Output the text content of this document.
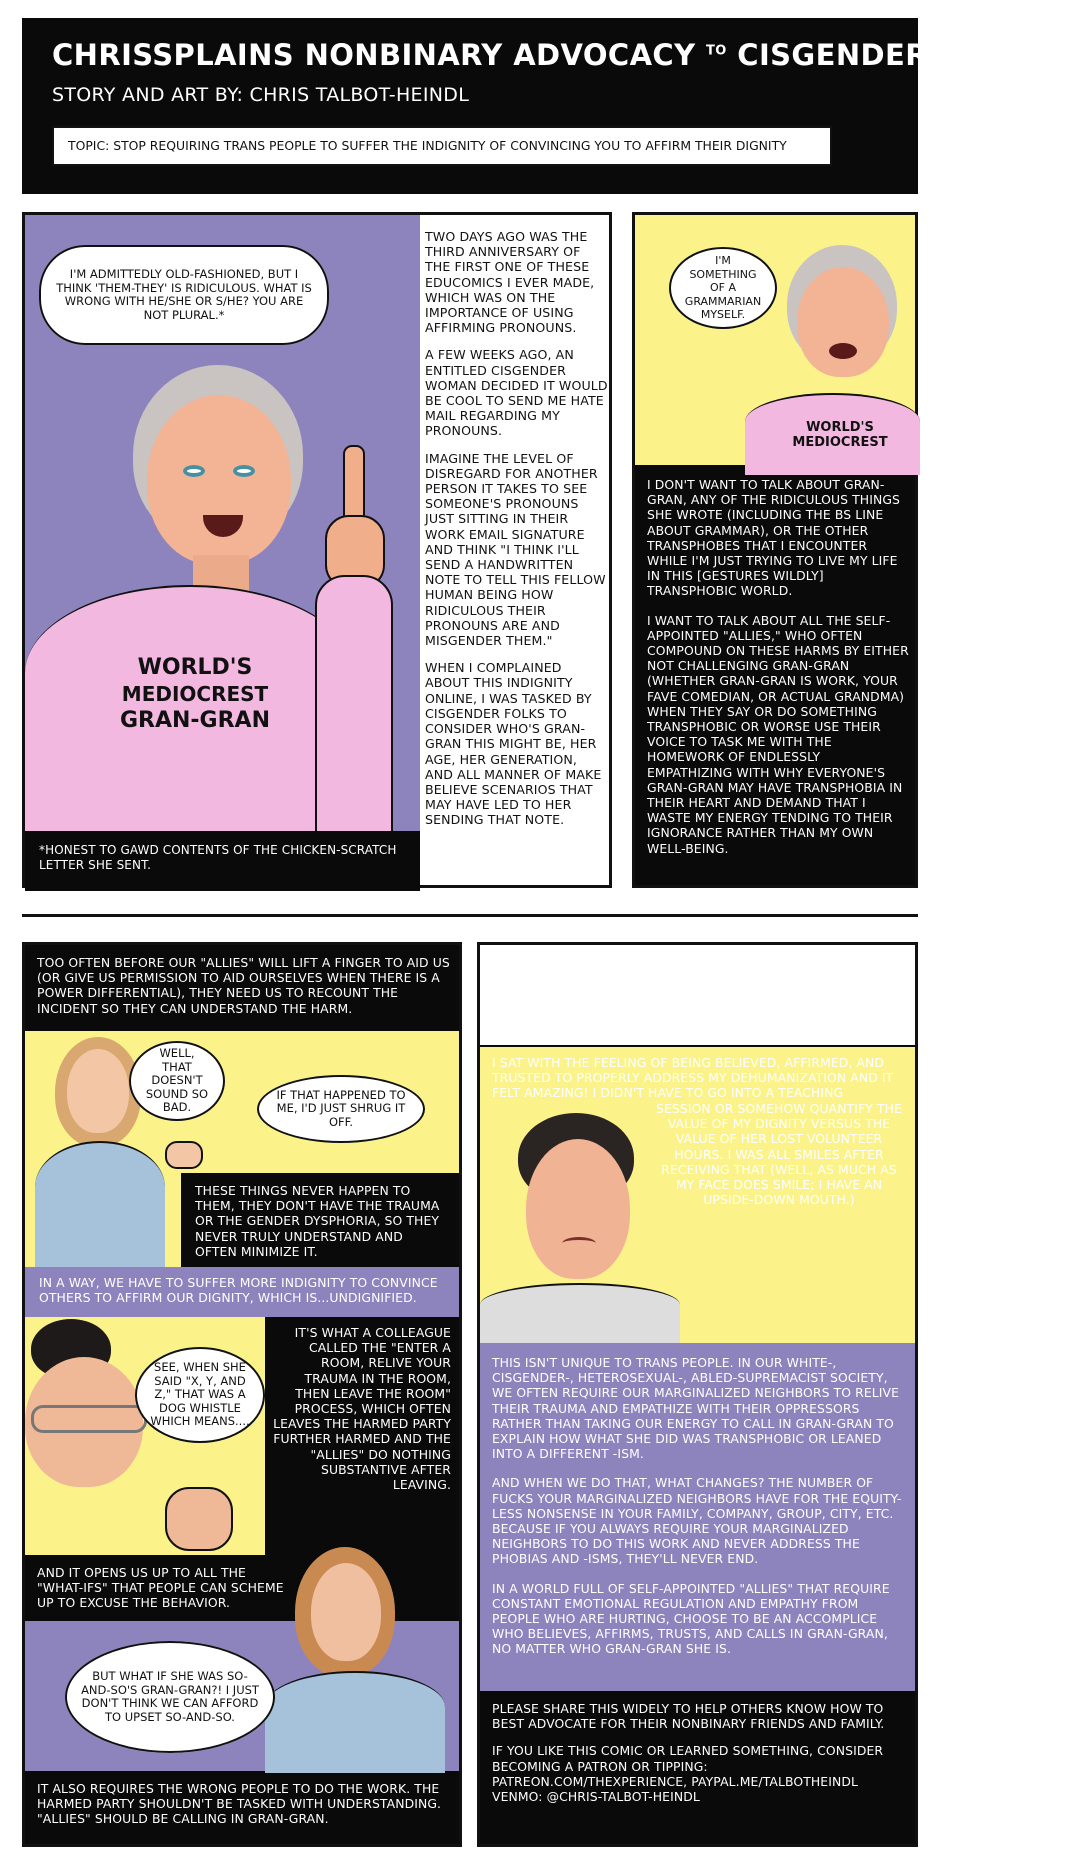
CHRISSPLAINS NONBINARY ADVOCACY $^{TO}$ CISGENDER PEOPLE
STORY AND ART BY: CHRIS TALBOT-HEINDL
TOPIC: STOP REQUIRING TRANS PEOPLE TO SUFFER THE INDIGNITY OF CONVINCING YOU TO AFFIRM THEIR DIGNITY
WORLD'S
MEDIOCREST
GRAN-GRAN
I'M ADMITTEDLY OLD-FASHIONED, BUT I THINK 'THEM-THEY' IS RIDICULOUS. WHAT IS WRONG WITH HE/SHE OR S/HE? YOU ARE NOT PLURAL.*
*HONEST TO GAWD CONTENTS OF THE CHICKEN-SCRATCH LETTER SHE SENT.

TWO DAYS AGO WAS THE THIRD ANNIVERSARY OF THE FIRST ONE OF THESE EDUCOMICS I EVER MADE, WHICH WAS ON THE IMPORTANCE OF USING AFFIRMING PRONOUNS.

A FEW WEEKS AGO, AN ENTITLED CISGENDER WOMAN DECIDED IT WOULD BE COOL TO SEND ME HATE MAIL REGARDING MY PRONOUNS.

IMAGINE THE LEVEL OF DISREGARD FOR ANOTHER PERSON IT TAKES TO SEE SOMEONE'S PRONOUNS JUST SITTING IN THEIR WORK EMAIL SIGNATURE AND THINK "I THINK I'LL SEND A HANDWRITTEN NOTE TO TELL THIS FELLOW HUMAN BEING HOW RIDICULOUS THEIR PRONOUNS ARE AND MISGENDER THEM."

WHEN I COMPLAINED ABOUT THIS INDIGNITY ONLINE, I WAS TASKED BY CISGENDER FOLKS TO CONSIDER WHO'S GRAN-GRAN THIS MIGHT BE, HER AGE, HER GENERATION, AND ALL MANNER OF MAKE BELIEVE SCENARIOS THAT MAY HAVE LED TO HER SENDING THAT NOTE.

WORLD'S
MEDIOCREST
I'M SOMETHING OF A GRAMMARIAN MYSELF.

I DON'T WANT TO TALK ABOUT GRAN-GRAN, ANY OF THE RIDICULOUS THINGS SHE WROTE (INCLUDING THE BS LINE ABOUT GRAMMAR), OR THE OTHER TRANSPHOBES THAT I ENCOUNTER WHILE I'M JUST TRYING TO LIVE MY LIFE IN THIS [GESTURES WILDLY] TRANSPHOBIC WORLD.

I WANT TO TALK ABOUT ALL THE SELF-APPOINTED "ALLIES," WHO OFTEN COMPOUND ON THESE HARMS BY EITHER NOT CHALLENGING GRAN-GRAN (WHETHER GRAN-GRAN IS WORK, YOUR FAVE COMEDIAN, OR ACTUAL GRANDMA) WHEN THEY SAY OR DO SOMETHING TRANSPHOBIC OR WORSE USE THEIR VOICE TO TASK ME WITH THE HOMEWORK OF ENDLESSLY EMPATHIZING WITH WHY EVERYONE'S GRAN-GRAN MAY HAVE TRANSPHOBIA IN THEIR HEART AND DEMAND THAT I WASTE MY ENERGY TENDING TO THEIR IGNORANCE RATHER THAN MY OWN WELL-BEING.

TOO OFTEN BEFORE OUR "ALLIES" WILL LIFT A FINGER TO AID US (OR GIVE US PERMISSION TO AID OURSELVES WHEN THERE IS A POWER DIFFERENTIAL), THEY NEED US TO RECOUNT THE INCIDENT SO THEY CAN UNDERSTAND THE HARM.

WELL, THAT DOESN'T SOUND SO BAD.
IF THAT HAPPENED TO ME, I'D JUST SHRUG IT OFF.

THESE THINGS NEVER HAPPEN TO THEM, THEY DON'T HAVE THE TRAUMA OR THE GENDER DYSPHORIA, SO THEY NEVER TRULY UNDERSTAND AND OFTEN MINIMIZE IT.

IN A WAY, WE HAVE TO SUFFER MORE INDIGNITY TO CONVINCE OTHERS TO AFFIRM OUR DIGNITY, WHICH IS...UNDIGNIFIED.

SEE, WHEN SHE SAID "X, Y, AND Z," THAT WAS A DOG WHISTLE WHICH MEANS....

IT'S WHAT A COLLEAGUE CALLED THE "ENTER A ROOM, RELIVE YOUR TRAUMA IN THE ROOM, THEN LEAVE THE ROOM" PROCESS, WHICH OFTEN LEAVES THE HARMED PARTY FURTHER HARMED AND THE "ALLIES" DO NOTHING SUBSTANTIVE AFTER LEAVING.

AND IT OPENS US UP TO ALL THE "WHAT-IFS" THAT PEOPLE CAN SCHEME UP TO EXCUSE THE BEHAVIOR.

BUT WHAT IF SHE WAS SO-AND-SO'S GRAN-GRAN?! I JUST DON'T THINK WE CAN AFFORD TO UPSET SO-AND-SO.

IT ALSO REQUIRES THE WRONG PEOPLE TO DO THE WORK. THE HARMED PARTY SHOULDN'T BE TASKED WITH UNDERSTANDING. "ALLIES" SHOULD BE CALLING IN GRAN-GRAN.

A FEW MONTHS AGO, I WAS EXPECTING THIS WHOLE RIGMAROLE AFTER HANGING UP ON ANOTHER TRANSPHOBE AT WORK. BUT INSTEAD, I EXPERIENCED SUPPORT FROM BOTH OF MY MOST VOCAL ACCOMPLICES WHO SUPPORTED BOTH MY DECISION TO HANG UP ON HER AND HOW I REPRESENTED US.

I SAT WITH THE FEELING OF BEING BELIEVED, AFFIRMED, AND TRUSTED TO PROPERLY ADDRESS MY DEHUMANIZATION AND IT FELT AMAZING! I DIDN'T HAVE TO GO INTO A TEACHING

SESSION OR SOMEHOW QUANTIFY THE VALUE OF MY DIGNITY VERSUS THE VALUE OF HER LOST VOLUNTEER HOURS. I WAS ALL SMILES AFTER RECEIVING THAT (WELL, AS MUCH AS MY FACE DOES SMILE; I HAVE AN UPSIDE-DOWN MOUTH.)

THIS ISN'T UNIQUE TO TRANS PEOPLE. IN OUR WHITE-, CISGENDER-, HETEROSEXUAL-, ABLED-SUPREMACIST SOCIETY, WE OFTEN REQUIRE OUR MARGINALIZED NEIGHBORS TO RELIVE THEIR TRAUMA AND EMPATHIZE WITH THEIR OPPRESSORS RATHER THAN TAKING OUR ENERGY TO CALL IN GRAN-GRAN TO EXPLAIN HOW WHAT SHE DID WAS TRANSPHOBIC OR LEANED INTO A DIFFERENT -ISM.

AND WHEN WE DO THAT, WHAT CHANGES? THE NUMBER OF FUCKS YOUR MARGINALIZED NEIGHBORS HAVE FOR THE EQUITY-LESS NONSENSE IN YOUR FAMILY, COMPANY, GROUP, CITY, ETC. BECAUSE IF YOU ALWAYS REQUIRE YOUR MARGINALIZED NEIGHBORS TO DO THIS WORK AND NEVER ADDRESS THE PHOBIAS AND -ISMS, THEY'LL NEVER END.

IN A WORLD FULL OF SELF-APPOINTED "ALLIES" THAT REQUIRE CONSTANT EMOTIONAL REGULATION AND EMPATHY FROM PEOPLE WHO ARE HURTING, CHOOSE TO BE AN ACCOMPLICE WHO BELIEVES, AFFIRMS, TRUSTS, AND CALLS IN GRAN-GRAN, NO MATTER WHO GRAN-GRAN SHE IS.

PLEASE SHARE THIS WIDELY TO HELP OTHERS KNOW HOW TO BEST ADVOCATE FOR THEIR NONBINARY FRIENDS AND FAMILY.

IF YOU LIKE THIS COMIC OR LEARNED SOMETHING, CONSIDER BECOMING A PATRON OR TIPPING:

PATREON.COM/THEXPERIENCE, PAYPAL.ME/TALBOTHEINDL

VENMO: @CHRIS-TALBOT-HEINDL
